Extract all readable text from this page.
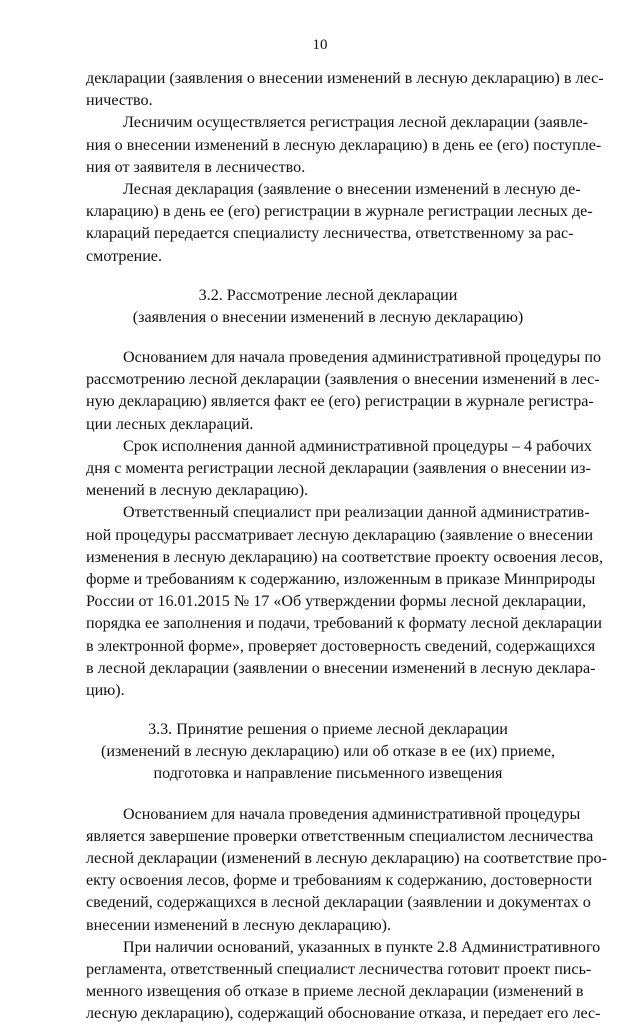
10
декларации (заявления о внесении изменений в лесную декларацию) в лес-
ничество.
Лесничим осуществляется регистрация лесной декларации (заявле-
ния о внесении изменений в лесную декларацию) в день ее (его) поступле-
ния от заявителя в лесничество.
Лесная декларация (заявление о внесении изменений в лесную де-
кларацию) в день ее (его) регистрации в журнале регистрации лесных де-
клараций передается специалисту лесничества, ответственному за рас-
смотрение.
3.2. Рассмотрение лесной декларации
(заявления о внесении изменений в лесную декларацию)
Основанием для начала проведения административной процедуры по
рассмотрению лесной декларации (заявления о внесении изменений в лес-
ную декларацию) является факт ее (его) регистрации в журнале регистра-
ции лесных деклараций.
Срок исполнения данной административной процедуры – 4 рабочих
дня с момента регистрации лесной декларации (заявления о внесении из-
менений в лесную декларацию).
Ответственный специалист при реализации данной административ-
ной процедуры рассматривает лесную декларацию (заявление о внесении
изменения в лесную декларацию) на соответствие проекту освоения лесов,
форме и требованиям к содержанию, изложенным в приказе Минприроды
России от 16.01.2015 № 17 «Об утверждении формы лесной декларации,
порядка ее заполнения и подачи, требований к формату лесной декларации
в электронной форме», проверяет достоверность сведений, содержащихся
в лесной декларации (заявлении о внесении изменений в лесную деклара-
цию).
3.3. Принятие решения о приеме лесной декларации
(изменений в лесную декларацию) или об отказе в ее (их) приеме,
подготовка и направление письменного извещения
Основанием для начала проведения административной процедуры
является завершение проверки ответственным специалистом лесничества
лесной декларации (изменений в лесную декларацию) на соответствие про-
екту освоения лесов, форме и требованиям к содержанию, достоверности
сведений, содержащихся в лесной декларации (заявлении и документах о
внесении изменений в лесную декларацию).
При наличии оснований, указанных в пункте 2.8 Административного
регламента, ответственный специалист лесничества готовит проект пись-
менного извещения об отказе в приеме лесной декларации (изменений в
лесную декларацию), содержащий обоснование отказа, и передает его лес-
